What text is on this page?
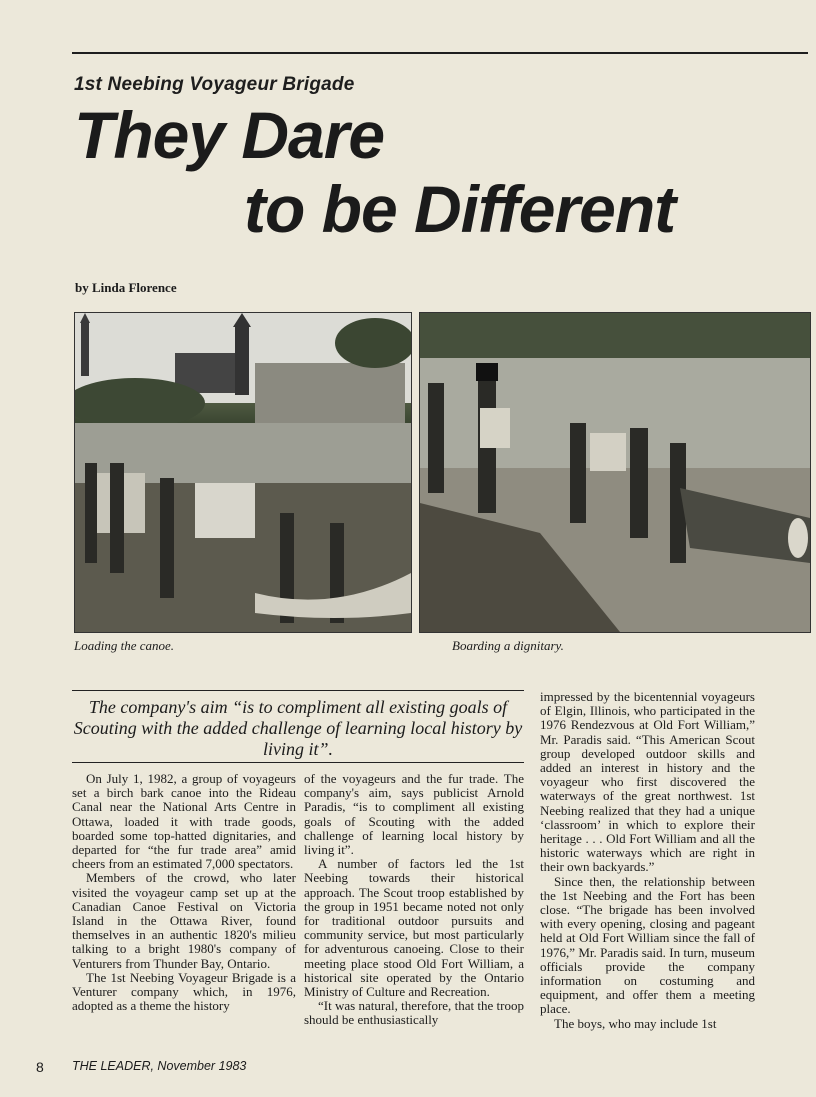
1st Neebing Voyageur Brigade
They Dare
to be Different
by Linda Florence
Loading the canoe.	Boarding a dignitary.
The company's aim “is to compliment all existing goals of Scouting with the added challenge of learning local history by living it”.

On July 1, 1982, a group of voyageurs set a birch bark canoe into the Rideau Canal near the National Arts Centre in Ottawa, loaded it with trade goods, boarded some top-hatted dignitaries, and departed for “the fur trade area” amid cheers from an estimated 7,000 spectators.

Members of the crowd, who later visited the voyageur camp set up at the Canadian Canoe Festival on Victoria Island in the Ottawa River, found themselves in an authentic 1820's milieu talking to a bright 1980's company of Venturers from Thunder Bay, Ontario.

The 1st Neebing Voyageur Brigade is a Venturer company which, in 1976, adopted as a theme the history

of the voyageurs and the fur trade. The company's aim, says publicist Arnold Paradis, “is to compliment all existing goals of Scouting with the added challenge of learning local history by living it”.

A number of factors led the 1st Neebing towards their historical approach. The Scout troop established by the group in 1951 became noted not only for traditional outdoor pursuits and community service, but most particularly for adventurous canoeing. Close to their meeting place stood Old Fort William, a historical site operated by the Ontario Ministry of Culture and Recreation.

“It was natural, therefore, that the troop should be enthusiastically

impressed by the bicentennial voyageurs of Elgin, Illinois, who participated in the 1976 Rendezvous at Old Fort William,” Mr. Paradis said. “This American Scout group developed outdoor skills and added an interest in history and the voyageur who first discovered the waterways of the great northwest. 1st Neebing realized that they had a unique ‘classroom’ in which to explore their heritage . . . Old Fort William and all the historic waterways which are right in their own backyards.”

Since then, the relationship between the 1st Neebing and the Fort has been close. “The brigade has been involved with every opening, closing and pageant held at Old Fort William since the fall of 1976,” Mr. Paradis said. In turn, museum officials provide the company information on costuming and equipment, and offer them a meeting place.

The boys, who may include 1st

8 THE LEADER, November 1983
